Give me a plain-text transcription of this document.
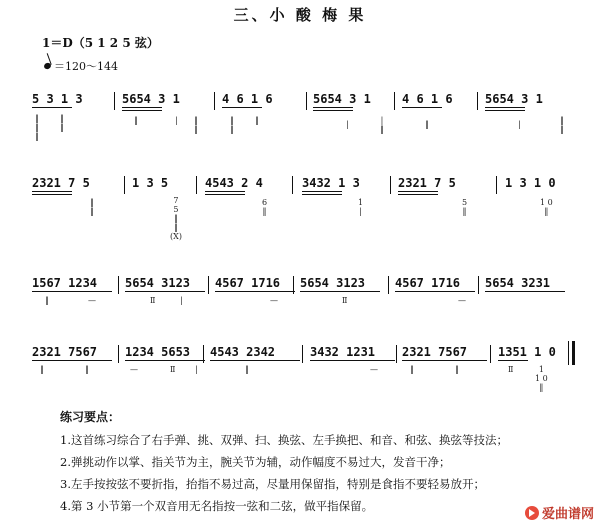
三、小 酸 梅 果
1＝D（5 1 2 5 弦）
＝120～144
5 3 1 3	5654 3 1	4 6 1 6	5654 3 1	4 6 1 6	5654 3 1
‖
‖
‖
‖
‖
‖	| ‖
‖
‖
‖
‖	|	|
‖
‖	|	‖
‖
2321 7 5	1 3 5	4543 2 4	3432 1 3	2321 7 5	1 3 1 0
‖
‖
7
5
‖
‖
(X)
6
‖
1
|
5
‖
1 0
‖
1567 1234 5654 3123 4567 1716 5654 3123 4567 1716 5654 3231
‖	—	Ⅱ	|	—	Ⅱ	—
2321 7567 1234 5653 4543 2342	3432 1231 2321 7567	1351 1 0
‖	‖	—	Ⅱ |	‖	—	‖	‖	Ⅱ	1
1 0
‖
练习要点：
1.这首练习综合了右手弹、挑、双弹、扫、换弦、左手换把、和音、和弦、换弦等技法；
2.弹挑动作以掌、指关节为主，腕关节为辅，动作幅度不易过大，发音干净；
3.左手按按弦不要折指，抬指不易过高，尽量用保留指，特别是食指不要轻易放开；
4.第 3 小节第一个双音用无名指按一弦和二弦，做平指保留。
爱曲谱网
